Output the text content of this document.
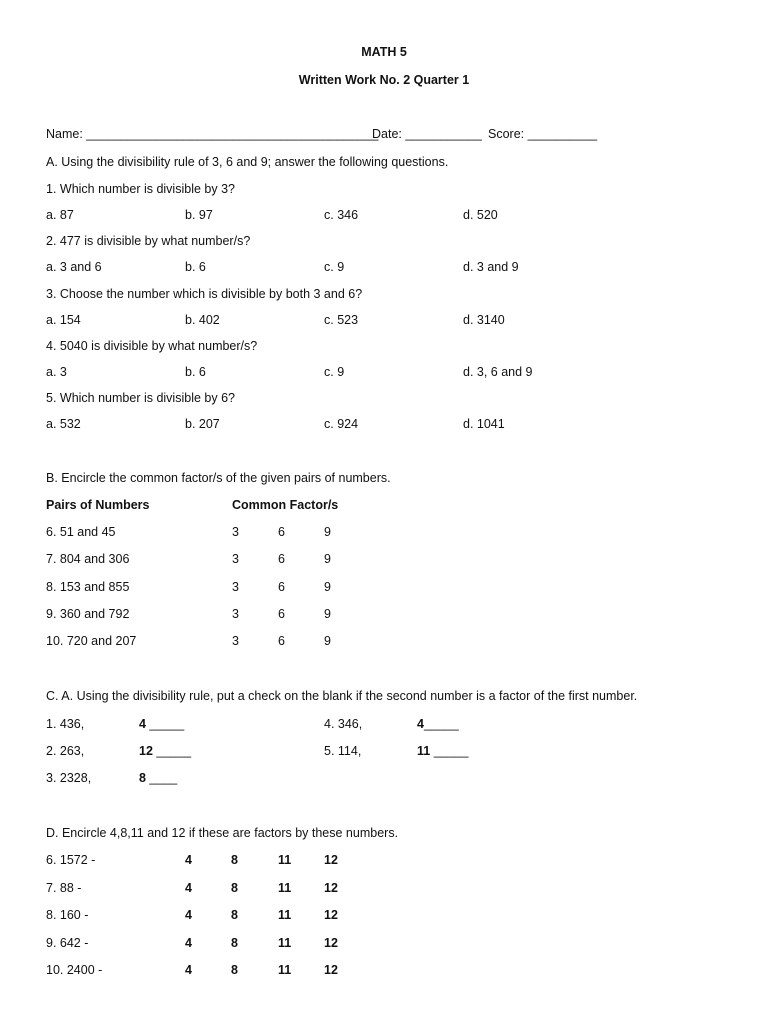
MATH 5
Written Work No. 2 Quarter 1
Name: __________________________________________
Date: ___________ Score: __________
A. Using the divisibility rule of 3, 6 and 9; answer the following questions.
1. Which number is divisible by 3?
a. 87	b. 97	c. 346	d. 520
2. 477 is divisible by what number/s?
a. 3 and 6	b. 6	c. 9	d. 3 and 9
3. Choose the number which is divisible by both 3 and 6?
a. 154	b. 402	c. 523	d. 3140
4. 5040 is divisible by what number/s?
a. 3	b. 6	c. 9	d. 3, 6 and 9
5. Which number is divisible by 6?
a. 532	b. 207	c. 924	d. 1041
B. Encircle the common factor/s of the given pairs of numbers.
Pairs of Numbers	Common Factor/s
6. 51 and 45	3	6	9
7. 804 and 306	3	6	9
8. 153 and 855	3	6	9
9. 360 and 792	3	6	9
10. 720 and 207	3	6	9
C. A. Using the divisibility rule, put a check on the blank if the second number is a factor of the first number.
1. 436,	4 _____	4. 346,	4_____
2. 263,	12 _____	5. 114,	11 _____
3. 2328,	8 ____
D. Encircle 4,8,11 and 12 if these are factors by these numbers.
6. 1572 -	4	8	11	12
7. 88 -	4	8	11	12
8. 160 -	4	8	11	12
9. 642 -	4	8	11	12
10. 2400 -	4	8	11	12
